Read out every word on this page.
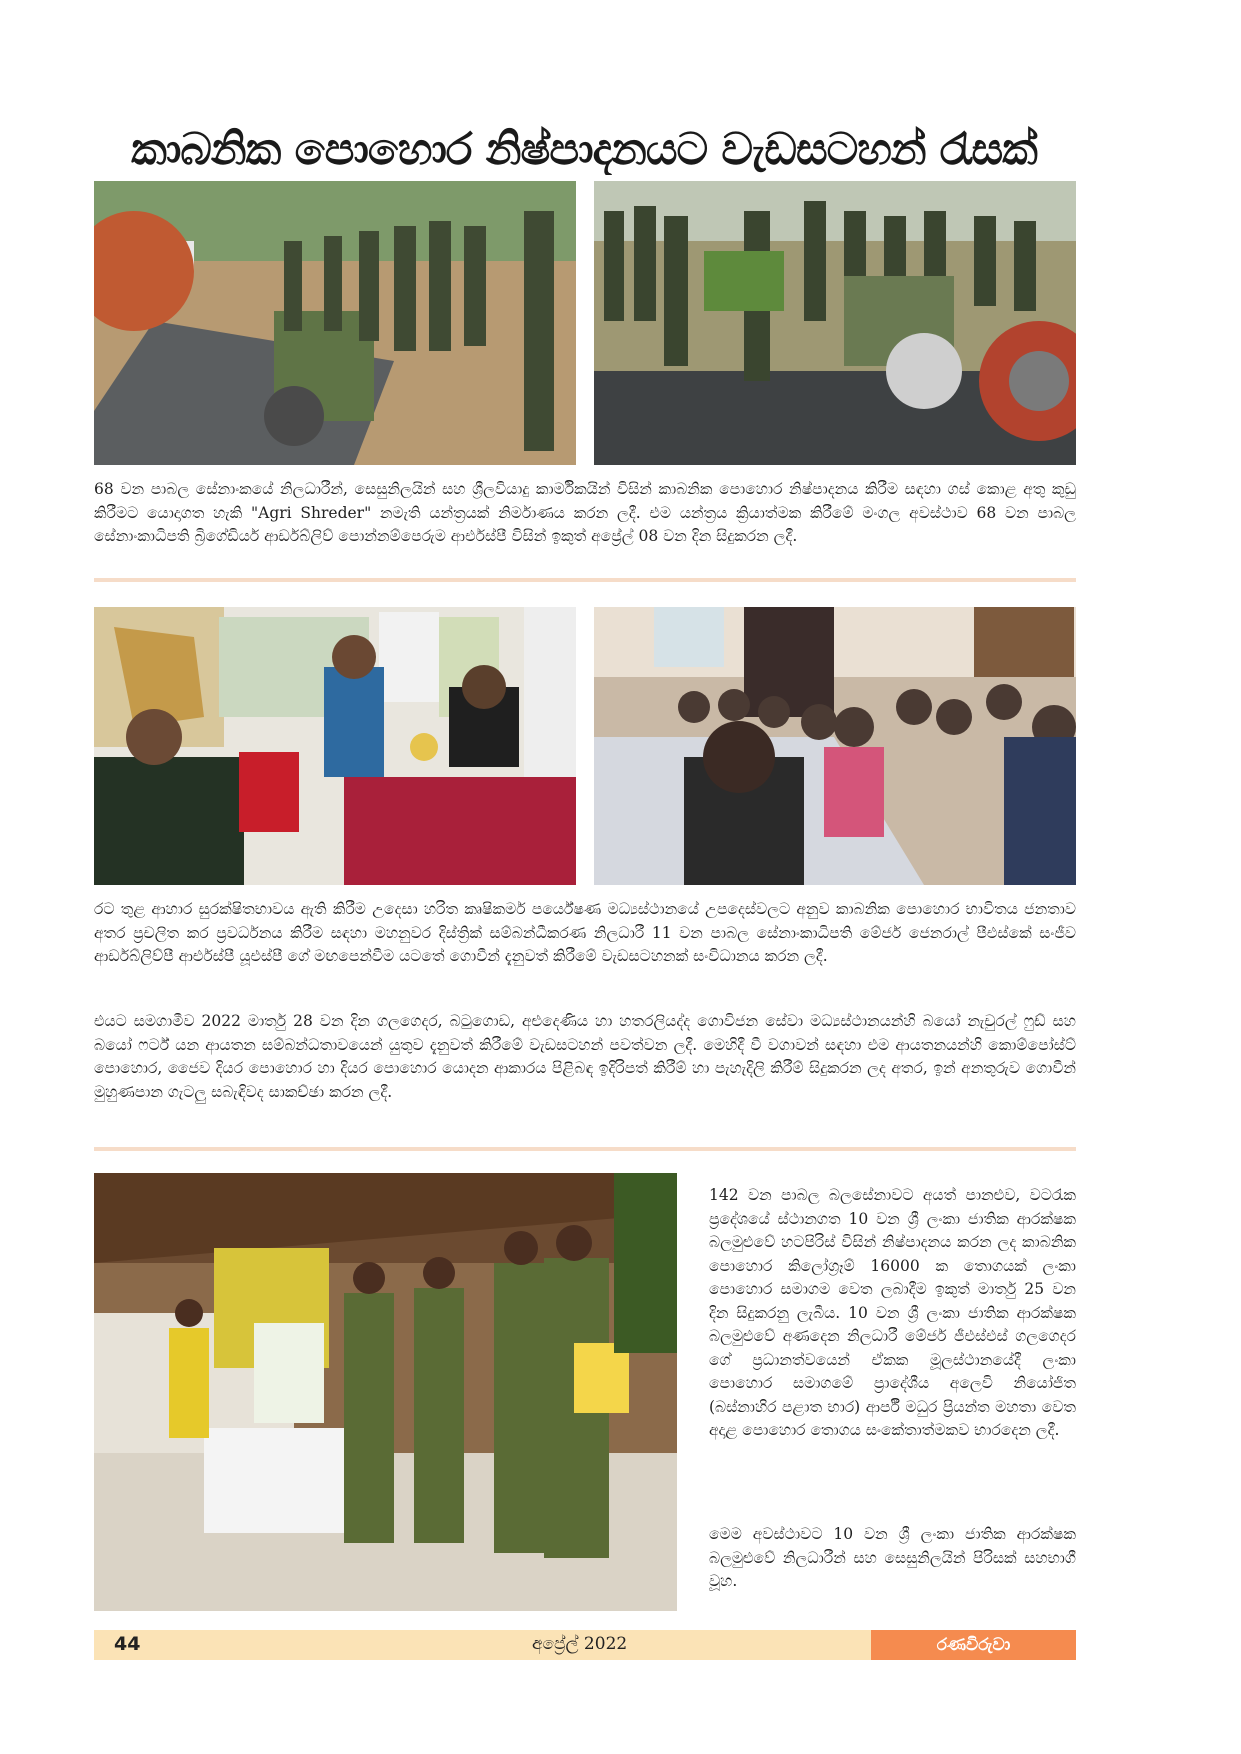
කාබනික පොහොර නිෂ්පාදනයට වැඩසටහන් රැසක්

68 වන පාබල සේනාංකයේ නිලධාරීන්, සෙසුනිලයින් සහ ශ්‍රීලවියාදු කාර්මිකයින් විසින් කාබනික පොහොර නිෂ්පාදනය කිරීම සඳහා ගස් කොළ අතු කුඩු කිරීමට යොදාගත හැකි "Agri Shreder" නමැති යන්ත්‍රයක් නිර්මාණය කරන ලදී. එම යන්ත්‍රය ක්‍රියාත්මක කිරීමේ මංගල අවස්ථාව 68 වන පාබල සේනාංකාධිපති බ්‍රිගේඩියර් ආර්ඩබ්ලිව් පොන්නම්පෙරුම ආර්එස්පී විසින් ඉකුත් අප්‍රේල් 08 වන දින සිදුකරන ලදී.

රට තුළ ආහාර සුරක්ෂිතභාවය ඇති කිරීම උදෙසා හරිත කෘෂිකර්ම පර්යේෂණ මධ්‍යස්ථානයේ උපදෙස්වලට අනුව කාබනික පොහොර භාවිතය ජනතාව අතර ප්‍රචලිත කර ප්‍රවර්ධනය කිරීම සඳහා මහනුවර දිස්ත්‍රික් සම්බන්ධීකරණ නිලධාරී 11 වන පාබල සේනාංකාධිපති මේජර් ජෙනරාල් පීඑස්කේ සංජීව ආර්ඩබ්ලිව්පී ආර්එස්පී යූඑස්පී ගේ මඟපෙන්වීම යටතේ ගොවීන් දැනුවත් කිරීමේ වැඩසටහනක් සංවිධානය කරන ලදී.

එයට සමගාමීව 2022 මාර්තු 28 වන දින ගලගෙදර, බටුගොඩ, අළුදෙණිය හා හතරලියද්ද ගොවිජන සේවා මධ්‍යස්ථානයන්හි බයෝ නැචුරල් ෆුඩ් සහ බයෝ ෆර්ට් යන ආයතන සම්බන්ධතාවයෙන් යුතුව දැනුවත් කිරීමේ වැඩසටහන් පවත්වන ලදී. මෙහිදී වී වගාවන් සඳහා එම ආයතනයන්හි කොම්පෝස්ට් පොහොර, ජෛව දියර පොහොර හා දියර පොහොර යොදන ආකාරය පිළිබඳ ඉදිරිපත් කිරීම් හා පැහැදිලි කිරීම් සිදුකරන ලද අතර, ඉන් අනතුරුව ගොවීන් මුහුණපාන ගැටලු සබැඳිවද සාකච්ඡා කරන ලදී.

142 වන පාබල බලසේනාවට අයත් පානළුව, වටරැක ප්‍රදේශයේ ස්ථානගත 10 වන ශ්‍රී ලංකා ජාතික ආරක්ෂක බලමුළුවේ හටපිරිස් විසින් නිෂ්පාදනය කරන ලද කාබනික පොහොර කිලෝග්‍රෑම් 16000 ක තොගයක් ලංකා පොහොර සමාගම වෙත ලබාදීම ඉකුත් මාර්තු 25 වන දින සිදුකරනු ලැබීය. 10 වන ශ්‍රී ලංකා ජාතික ආරක්ෂක බලමුළුවේ අණදෙන නිලධාරී මේජර් ජීඑස්එස් ගලගෙදර ගේ ප්‍රධානත්වයෙන් ඒකක මූලස්ථානයේදී ලංකා පොහොර සමාගමේ ප්‍රාදේශීය අලෙවි නියෝජිත (බස්නාහිර පළාත භාර) ආර්පී මධුර ප්‍රියන්ත මහතා වෙත අදාළ පොහොර තොගය සංකේතාත්මකව භාරදෙන ලදී.

මෙම අවස්ථාවට 10 වන ශ්‍රී ලංකා ජාතික ආරක්ෂක බලමුළුවේ නිලධාරීන් සහ සෙසුනිලයින් පිරිසක් සහභාගී වූහ.

44	අප්‍රේල් 2022	රණවිරුවා
